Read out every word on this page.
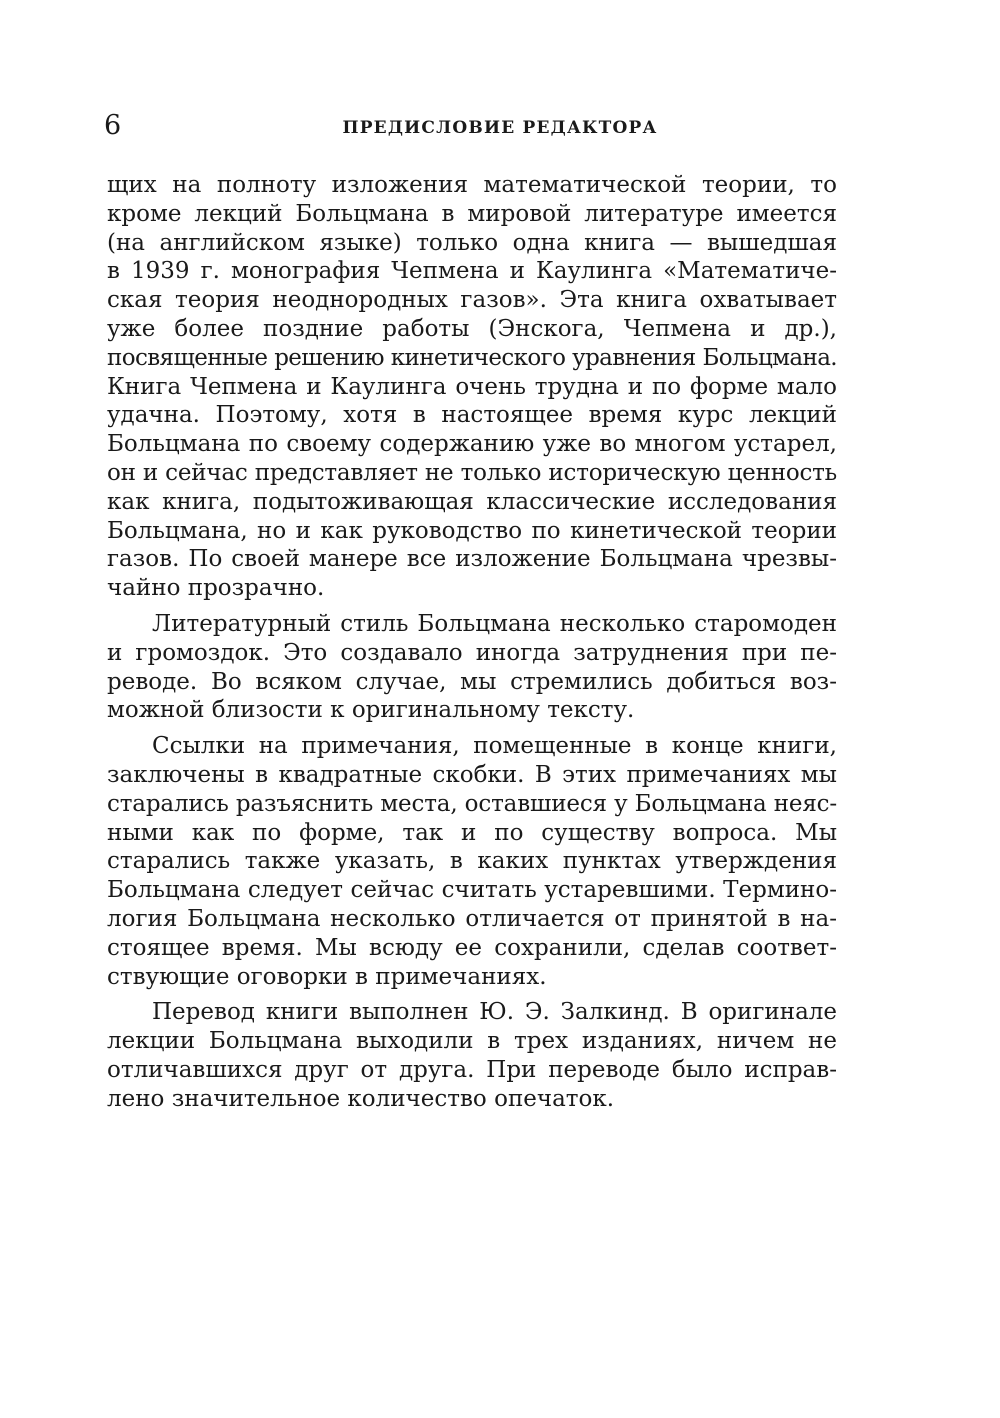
6	ПРЕДИСЛОВИЕ РЕДАКТОРА
щих на полноту изложения математической теории, то
кроме лекций Больцмана в мировой литературе имеется
(на английском языке) только одна книга — вышедшая
в 1939 г. монография Чепмена и Каулинга «Математиче-
ская теория неоднородных газов». Эта книга охватывает
уже более поздние работы (Энскога, Чепмена и др.),
посвященные решению кинетического уравнения Больцмана.
Книга Чепмена и Каулинга очень трудна и по форме мало
удачна. Поэтому, хотя в настоящее время курс лекций
Больцмана по своему содержанию уже во многом устарел,
он и сейчас представляет не только историческую ценность
как книга, подытоживающая классические исследования
Больцмана, но и как руководство по кинетической теории
газов. По своей манере все изложение Больцмана чрезвы-
чайно прозрачно.
Литературный стиль Больцмана несколько старомоден
и громоздок. Это создавало иногда затруднения при пе-
реводе. Во всяком случае, мы стремились добиться воз-
можной близости к оригинальному тексту.
Ссылки на примечания, помещенные в конце книги,
заключены в квадратные скобки. В этих примечаниях мы
старались разъяснить места, оставшиеся у Больцмана неяс-
ными как по форме, так и по существу вопроса. Мы
старались также указать, в каких пунктах утверждения
Больцмана следует сейчас считать устаревшими. Термино-
логия Больцмана несколько отличается от принятой в на-
стоящее время. Мы всюду ее сохранили, сделав соответ-
ствующие оговорки в примечаниях.
Перевод книги выполнен Ю. Э. Залкинд. В оригинале
лекции Больцмана выходили в трех изданиях, ничем не
отличавшихся друг от друга. При переводе было исправ-
лено значительное количество опечаток.
